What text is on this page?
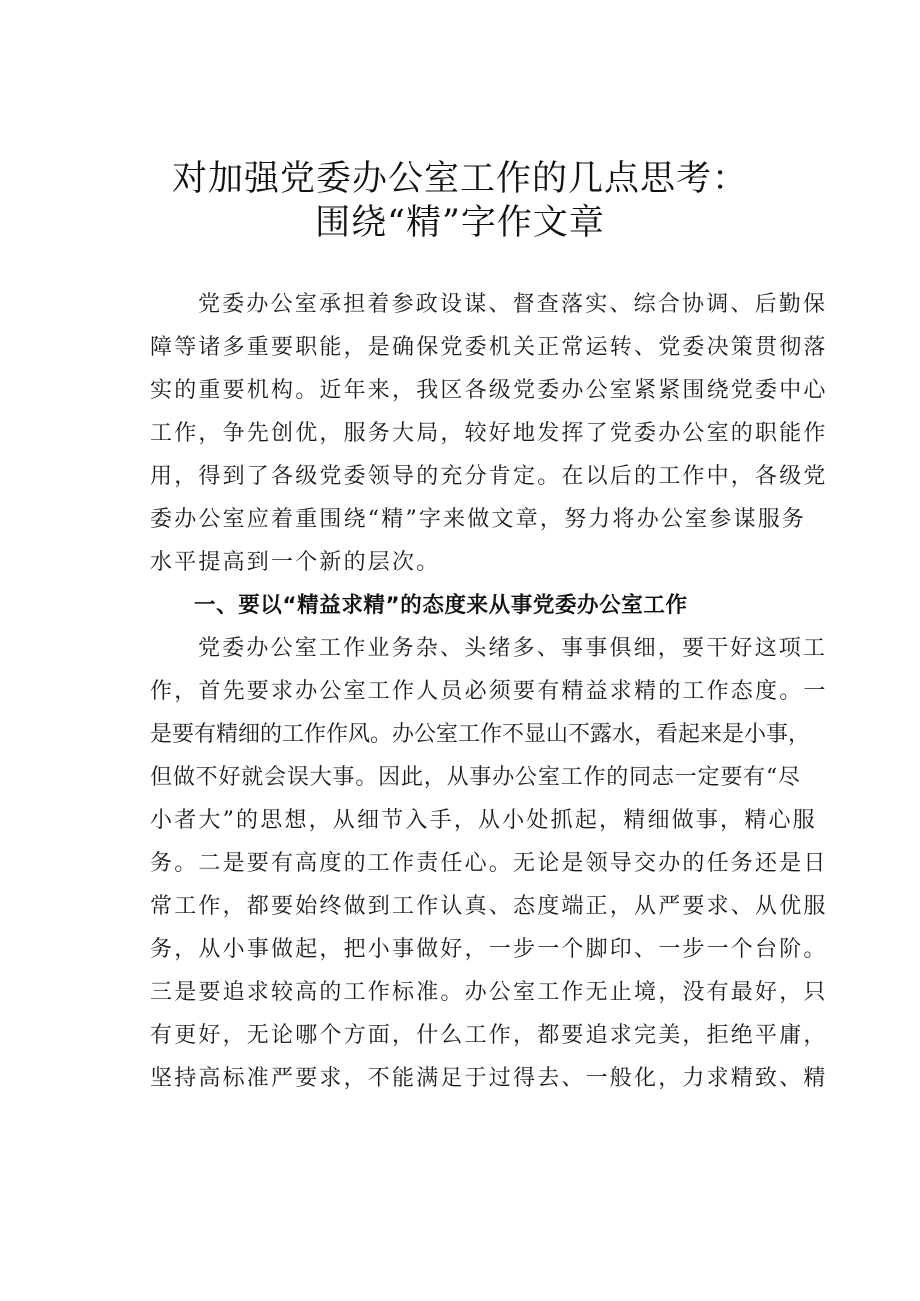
对加强党委办公室工作的几点思考：
围绕“精”字作文章
党委办公室承担着参政设谋、督查落实、综合协调、后勤保
障等诸多重要职能，是确保党委机关正常运转、党委决策贯彻落
实的重要机构。近年来，我区各级党委办公室紧紧围绕党委中心
工作，争先创优，服务大局，较好地发挥了党委办公室的职能作
用，得到了各级党委领导的充分肯定。在以后的工作中，各级党
委办公室应着重围绕“精”字来做文章，努力将办公室参谋服务
水平提高到一个新的层次。
一、要以“精益求精”的态度来从事党委办公室工作
党委办公室工作业务杂、头绪多、事事俱细，要干好这项工
作，首先要求办公室工作人员必须要有精益求精的工作态度。一
是要有精细的工作作风。办公室工作不显山不露水，看起来是小事，
但做不好就会误大事。因此，从事办公室工作的同志一定要有“尽
小者大”的思想，从细节入手，从小处抓起，精细做事，精心服
务。二是要有高度的工作责任心。无论是领导交办的任务还是日
常工作，都要始终做到工作认真、态度端正，从严要求、从优服
务，从小事做起，把小事做好，一步一个脚印、一步一个台阶。
三是要追求较高的工作标准。办公室工作无止境，没有最好，只
有更好，无论哪个方面，什么工作，都要追求完美，拒绝平庸，
坚持高标准严要求，不能满足于过得去、一般化，力求精致、精
